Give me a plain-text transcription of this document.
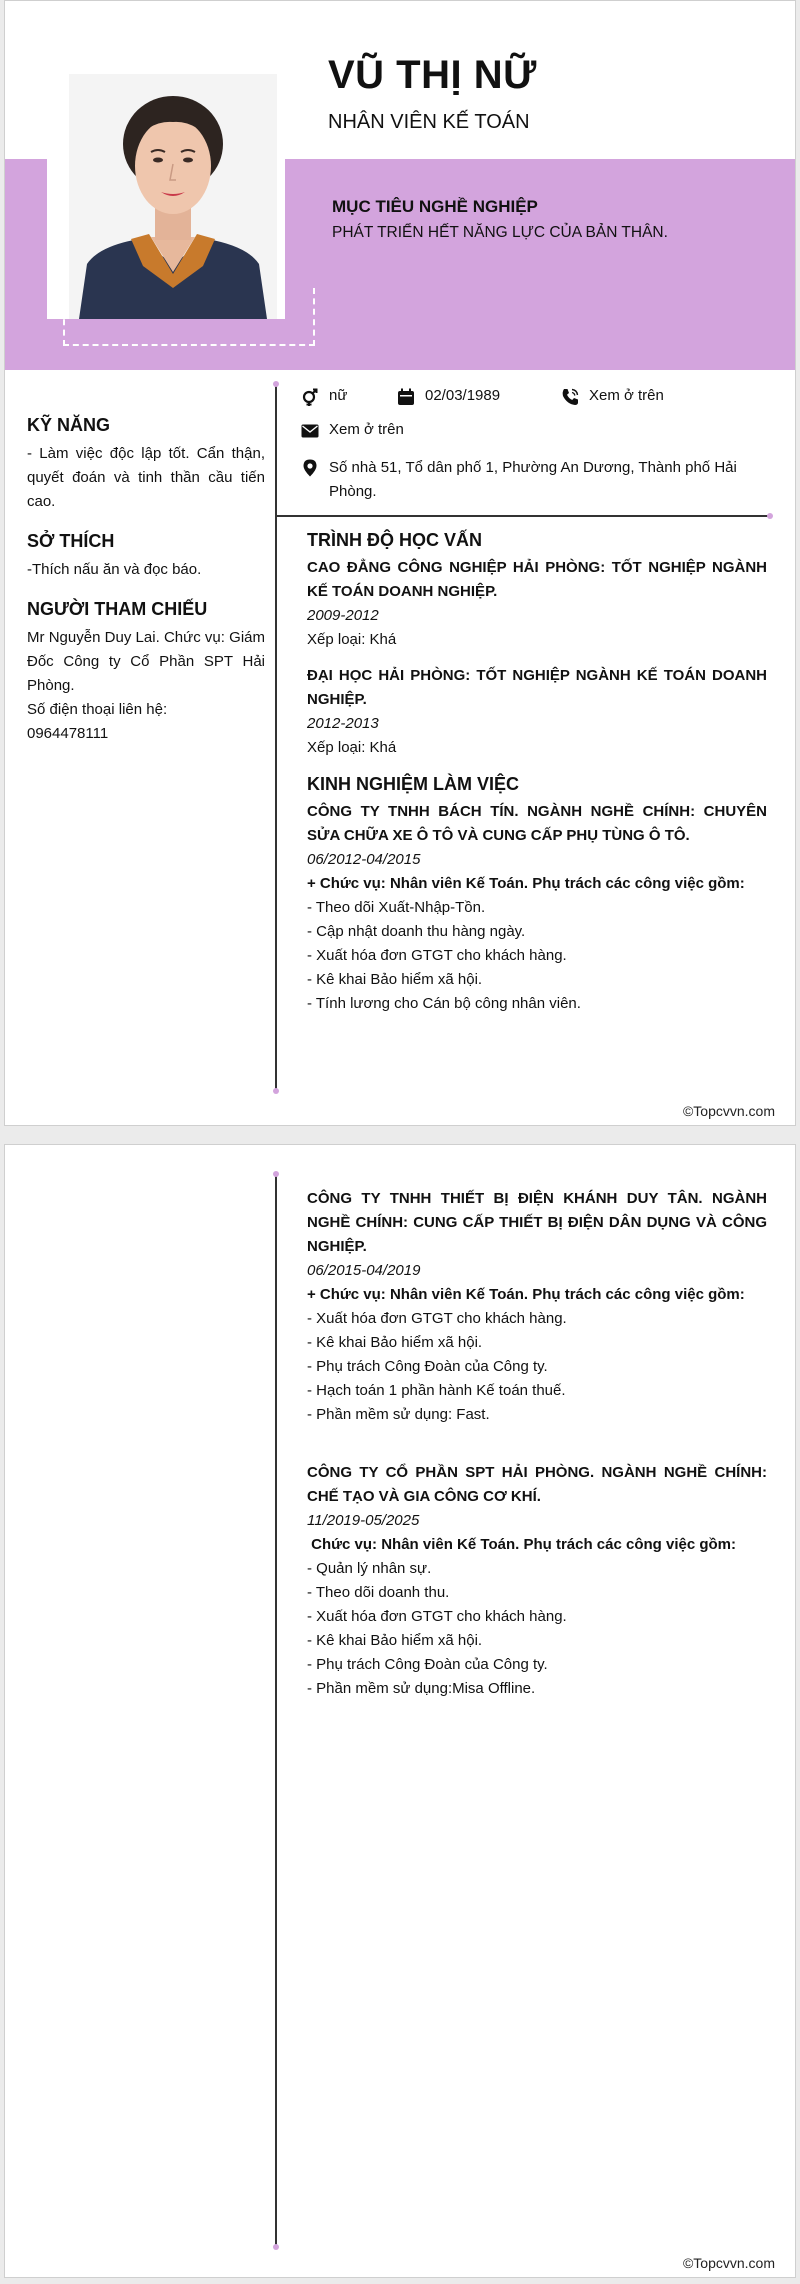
VŨ THỊ NỮ

NHÂN VIÊN KẾ TOÁN

MỤC TIÊU NGHỀ NGHIỆP

PHÁT TRIỂN HẾT NĂNG LỰC CỦA BẢN THÂN.

nữ	02/03/1989	Xem ở trên
Xem ở trên
Số nhà 51, Tổ dân phố 1, Phường An Dương, Thành phố Hải Phòng.

KỸ NĂNG

- Làm việc độc lập tốt. Cẩn thận, quyết đoán và tinh thần cầu tiến cao.

SỞ THÍCH

-Thích nấu ăn và đọc báo.

NGƯỜI THAM CHIẾU

Mr Nguyễn Duy Lai. Chức vụ: Giám Đốc Công ty Cổ Phần SPT Hải Phòng.

Số điện thoại liên hệ:

0964478111

TRÌNH ĐỘ HỌC VẤN

CAO ĐẲNG CÔNG NGHIỆP HẢI PHÒNG: TỐT NGHIỆP NGÀNH KẾ TOÁN DOANH NGHIỆP.

2009-2012

Xếp loại: Khá

ĐẠI HỌC HẢI PHÒNG: TỐT NGHIỆP NGÀNH KẾ TOÁN DOANH NGHIỆP.

2012-2013

Xếp loại: Khá

KINH NGHIỆM LÀM VIỆC

CÔNG TY TNHH BÁCH TÍN. NGÀNH NGHỀ CHÍNH: CHUYÊN SỬA CHỮA XE Ô TÔ VÀ CUNG CẤP PHỤ TÙNG Ô TÔ.

06/2012-04/2015

+ Chức vụ: Nhân viên Kế Toán. Phụ trách các công việc gồm:

- Theo dõi Xuất-Nhập-Tồn.
- Cập nhật doanh thu hàng ngày.
- Xuất hóa đơn GTGT cho khách hàng.
- Kê khai Bảo hiểm xã hội.
- Tính lương cho Cán bộ công nhân viên.
©Topcvvn.com

CÔNG TY TNHH THIẾT BỊ ĐIỆN KHÁNH DUY TÂN. NGÀNH NGHỀ CHÍNH: CUNG CẤP THIẾT BỊ ĐIỆN DÂN DỤNG VÀ CÔNG NGHIỆP.

06/2015-04/2019

+ Chức vụ: Nhân viên Kế Toán. Phụ trách các công việc gồm:

- Xuất hóa đơn GTGT cho khách hàng.
- Kê khai Bảo hiểm xã hội.
- Phụ trách Công Đoàn của Công ty.
- Hạch toán 1 phần hành Kế toán thuế.
- Phần mềm sử dụng: Fast.

CÔNG TY CỔ PHẦN SPT HẢI PHÒNG. NGÀNH NGHỀ CHÍNH: CHẾ TẠO VÀ GIA CÔNG CƠ KHÍ.

11/2019-05/2025

Chức vụ: Nhân viên Kế Toán. Phụ trách các công việc gồm:

- Quản lý nhân sự.
- Theo dõi doanh thu.
- Xuất hóa đơn GTGT cho khách hàng.
- Kê khai Bảo hiểm xã hội.
- Phụ trách Công Đoàn của Công ty.
- Phần mềm sử dụng:Misa Offline.
©Topcvvn.com
